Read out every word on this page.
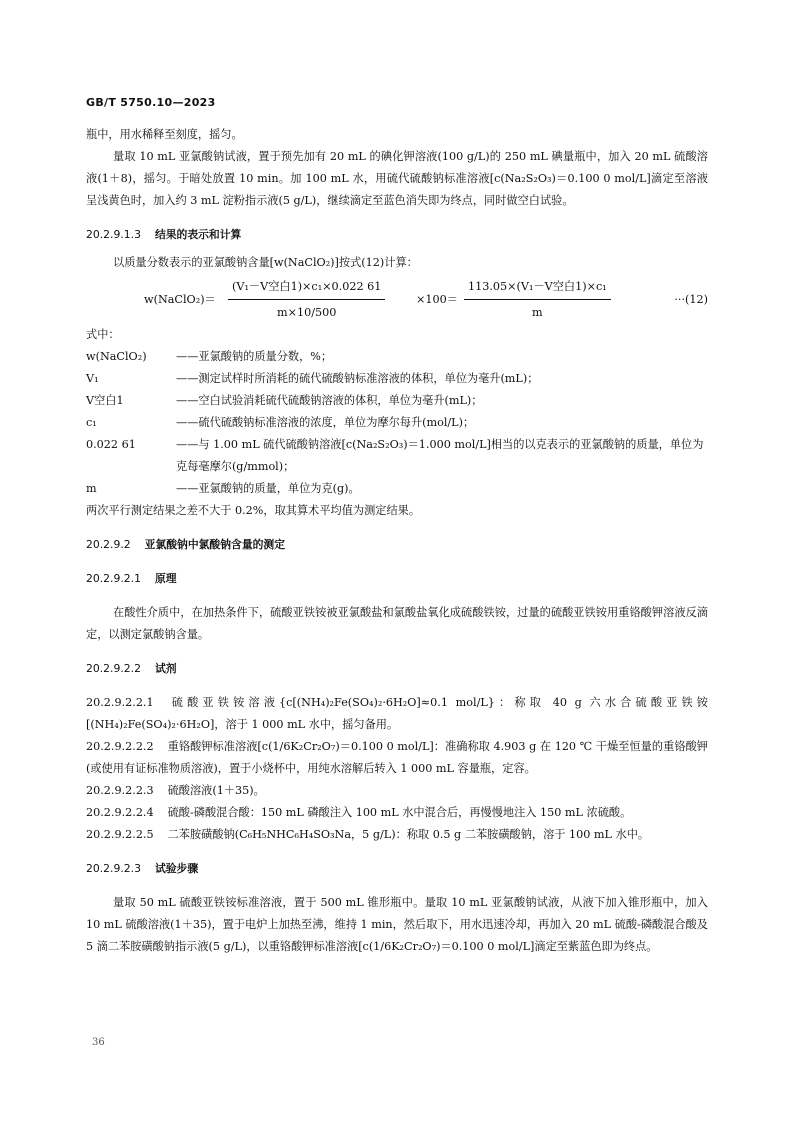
GB/T 5750.10—2023

瓶中，用水稀释至刻度，摇匀。

量取 10 mL 亚氯酸钠试液，置于预先加有 20 mL 的碘化钾溶液(100 g/L)的 250 mL 碘量瓶中，加入 20 mL 硫酸溶液(1＋8)，摇匀。于暗处放置 10 min。加 100 mL 水，用硫代硫酸钠标准溶液[c(Na₂S₂O₃)＝0.100 0 mol/L]滴定至溶液呈浅黄色时，加入约 3 mL 淀粉指示液(5 g/L)，继续滴定至蓝色消失即为终点，同时做空白试验。

20.2.9.1.3 结果的表示和计算

以质量分数表示的亚氯酸钠含量[w(NaClO₂)]按式(12)计算：

w(NaClO₂)＝
(V₁－V空白1)×c₁×0.022 61
m×10/500
×100＝
113.05×(V₁－V空白1)×c₁
m
···(12)

式中：

w(NaClO₂)	——亚氯酸钠的质量分数，%；
V₁	——测定试样时所消耗的硫代硫酸钠标准溶液的体积，单位为毫升(mL)；
V空白1	——空白试验消耗硫代硫酸钠溶液的体积，单位为毫升(mL)；
c₁	——硫代硫酸钠标准溶液的浓度，单位为摩尔每升(mol/L)；
0.022 61	——与 1.00 mL 硫代硫酸钠溶液[c(Na₂S₂O₃)＝1.000 mol/L]相当的以克表示的亚氯酸钠的质量，单位为克每毫摩尔(g/mmol)；
m	——亚氯酸钠的质量，单位为克(g)。

两次平行测定结果之差不大于 0.2%，取其算术平均值为测定结果。

20.2.9.2 亚氯酸钠中氯酸钠含量的测定

20.2.9.2.1 原理

在酸性介质中，在加热条件下，硫酸亚铁铵被亚氯酸盐和氯酸盐氧化成硫酸铁铵，过量的硫酸亚铁铵用重铬酸钾溶液反滴定，以测定氯酸钠含量。

20.2.9.2.2 试剂

20.2.9.2.2.1 硫酸亚铁铵溶液{c[(NH₄)₂Fe(SO₄)₂·6H₂O]≈0.1 mol/L}：称取 40 g 六水合硫酸亚铁铵[(NH₄)₂Fe(SO₄)₂·6H₂O]，溶于 1 000 mL 水中，摇匀备用。

20.2.9.2.2.2 重铬酸钾标准溶液[c(1/6K₂Cr₂O₇)＝0.100 0 mol/L]：准确称取 4.903 g 在 120 ℃ 干燥至恒量的重铬酸钾(或使用有证标准物质溶液)，置于小烧杯中，用纯水溶解后转入 1 000 mL 容量瓶，定容。

20.2.9.2.2.3 硫酸溶液(1＋35)。

20.2.9.2.2.4 硫酸-磷酸混合酸：150 mL 磷酸注入 100 mL 水中混合后，再慢慢地注入 150 mL 浓硫酸。

20.2.9.2.2.5 二苯胺磺酸钠(C₆H₅NHC₆H₄SO₃Na，5 g/L)：称取 0.5 g 二苯胺磺酸钠，溶于 100 mL 水中。

20.2.9.2.3 试验步骤

量取 50 mL 硫酸亚铁铵标准溶液，置于 500 mL 锥形瓶中。量取 10 mL 亚氯酸钠试液，从液下加入锥形瓶中，加入 10 mL 硫酸溶液(1＋35)，置于电炉上加热至沸，维持 1 min，然后取下，用水迅速冷却，再加入 20 mL 硫酸-磷酸混合酸及 5 滴二苯胺磺酸钠指示液(5 g/L)，以重铬酸钾标准溶液[c(1/6K₂Cr₂O₇)＝0.100 0 mol/L]滴定至紫蓝色即为终点。

36
